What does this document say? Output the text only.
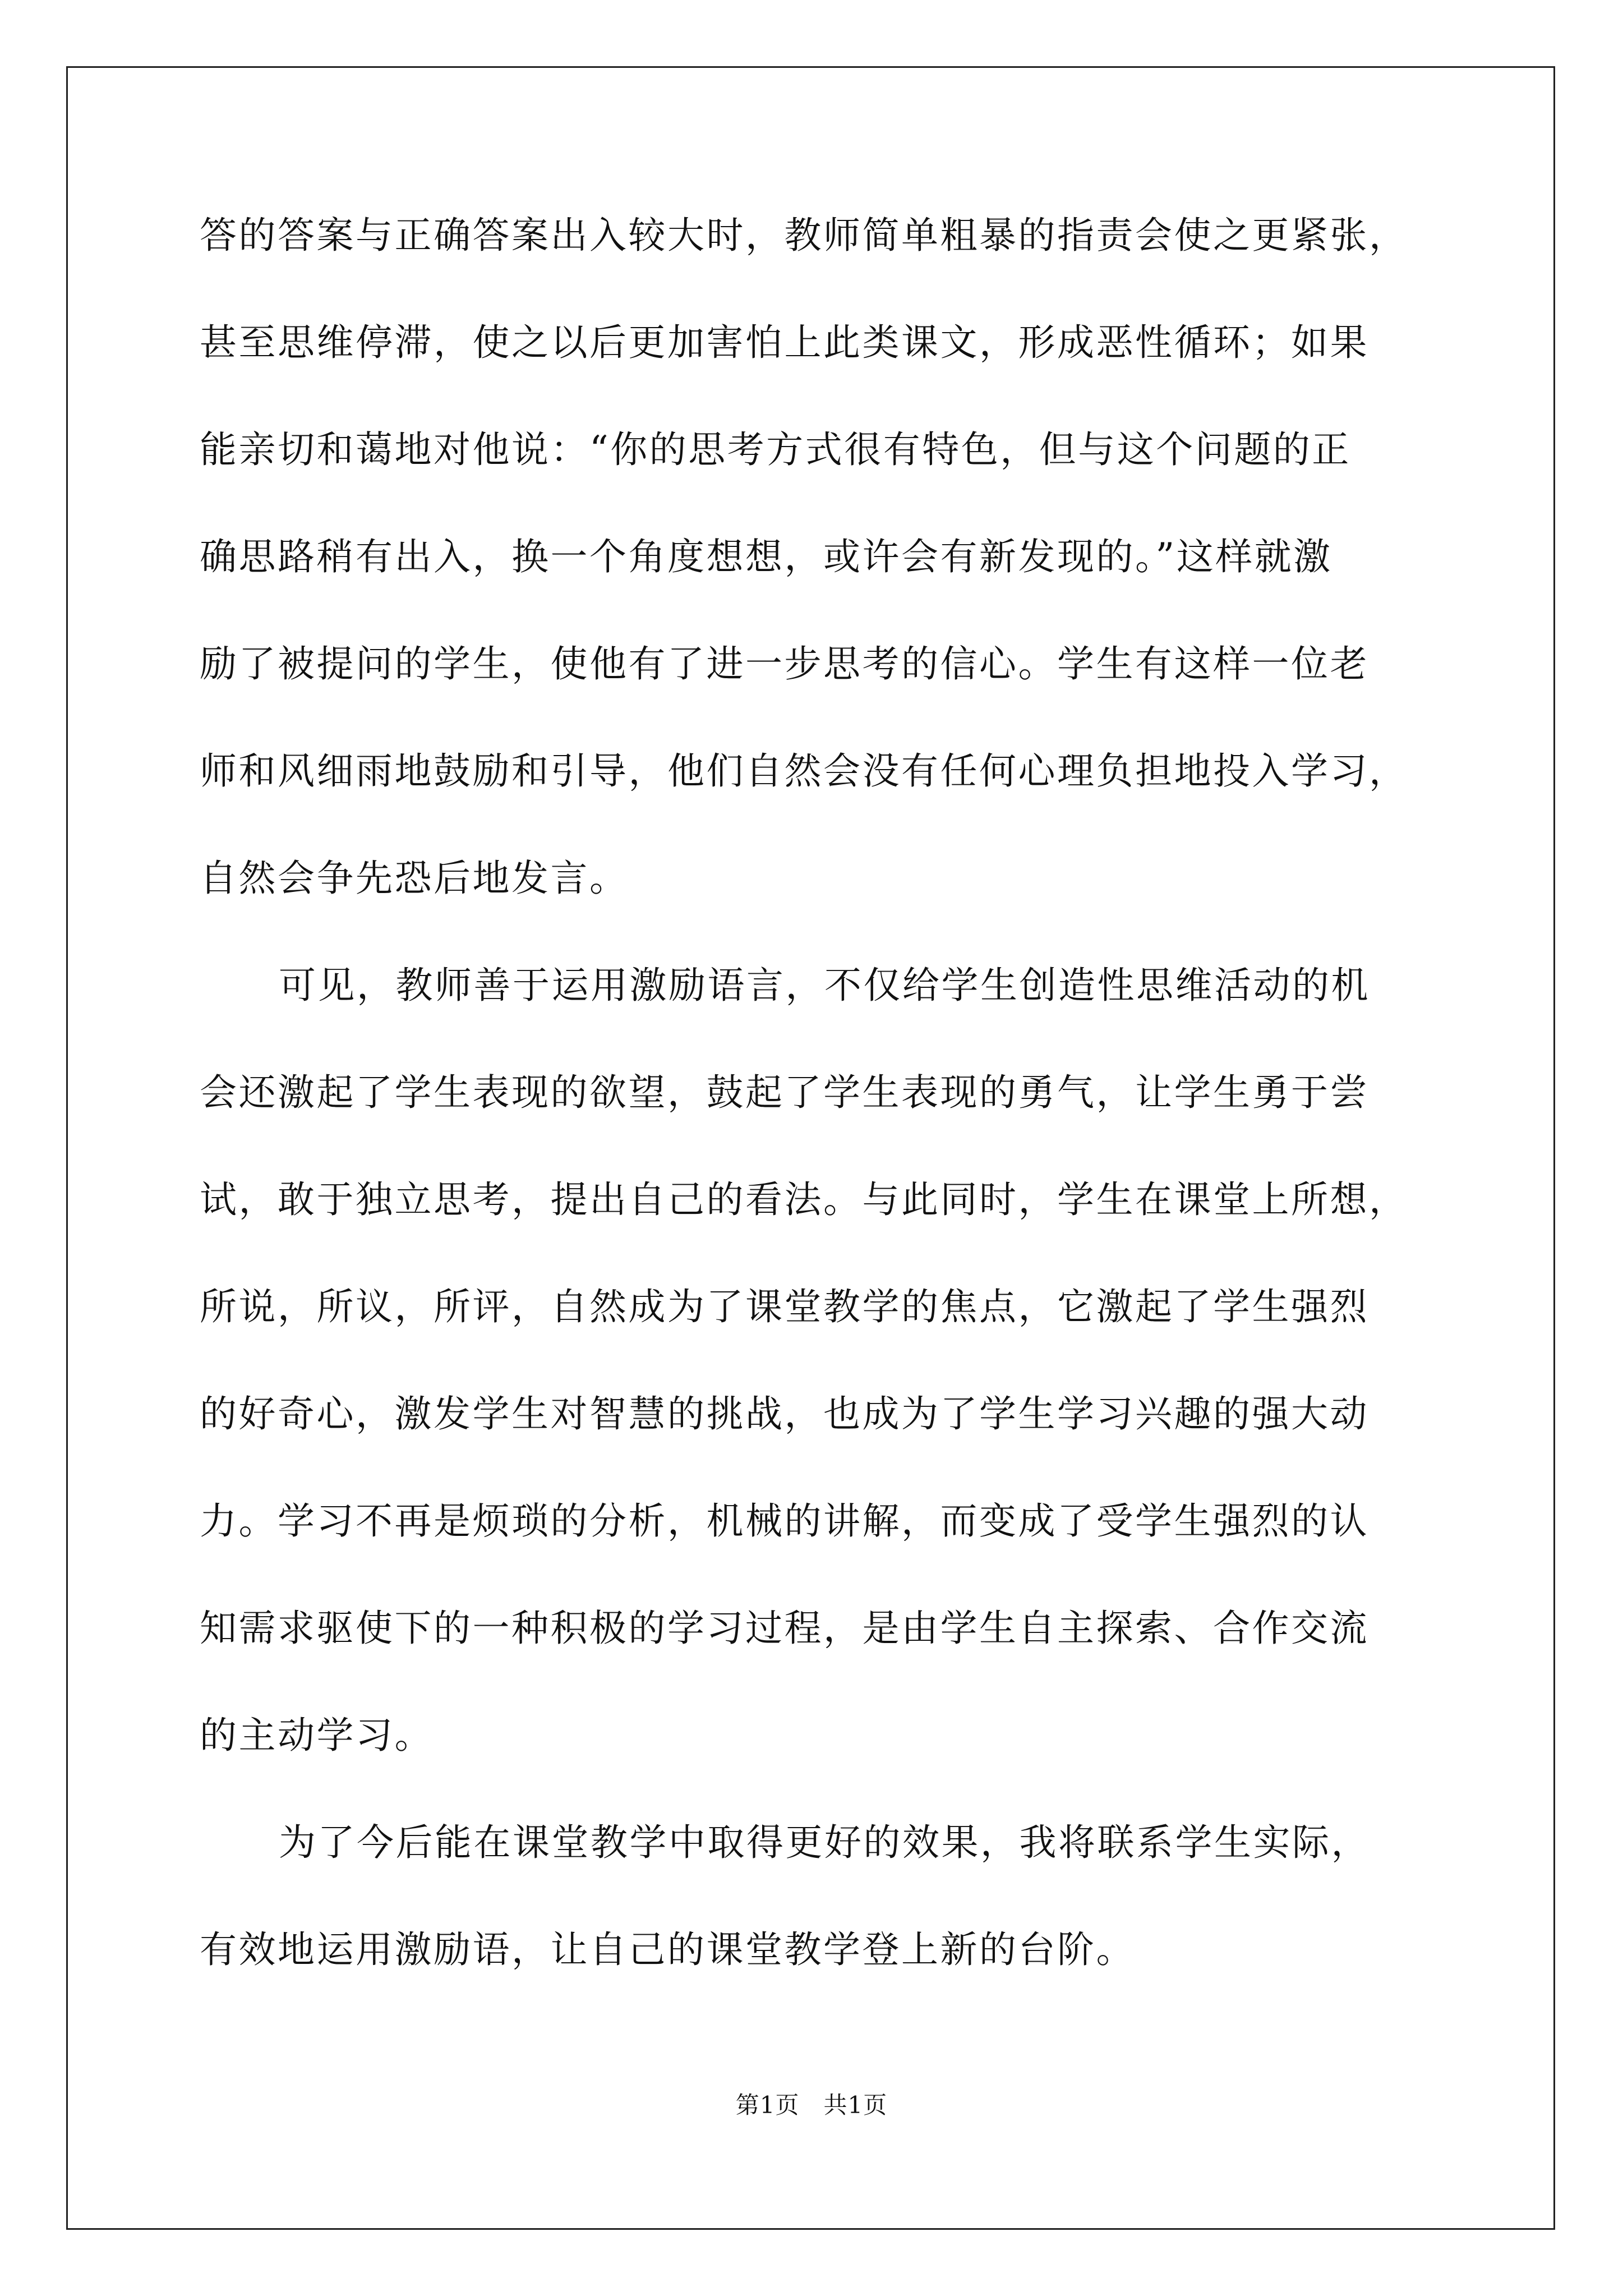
答的答案与正确答案出入较大时，教师简单粗暴的指责会使之更紧张，
甚至思维停滞，使之以后更加害怕上此类课文，形成恶性循环；如果
能亲切和蔼地对他说：“你的思考方式很有特色，但与这个问题的正
确思路稍有出入，换一个角度想想，或许会有新发现的。”这样就激
励了被提问的学生，使他有了进一步思考的信心。学生有这样一位老
师和风细雨地鼓励和引导，他们自然会没有任何心理负担地投入学习，
自然会争先恐后地发言。
可见，教师善于运用激励语言，不仅给学生创造性思维活动的机
会还激起了学生表现的欲望，鼓起了学生表现的勇气，让学生勇于尝
试，敢于独立思考，提出自己的看法。与此同时，学生在课堂上所想，
所说，所议，所评，自然成为了课堂教学的焦点，它激起了学生强烈
的好奇心，激发学生对智慧的挑战，也成为了学生学习兴趣的强大动
力。学习不再是烦琐的分析，机械的讲解，而变成了受学生强烈的认
知需求驱使下的一种积极的学习过程，是由学生自主探索、合作交流
的主动学习。
为了今后能在课堂教学中取得更好的效果，我将联系学生实际，
有效地运用激励语，让自己的课堂教学登上新的台阶。
第1页　共1页
